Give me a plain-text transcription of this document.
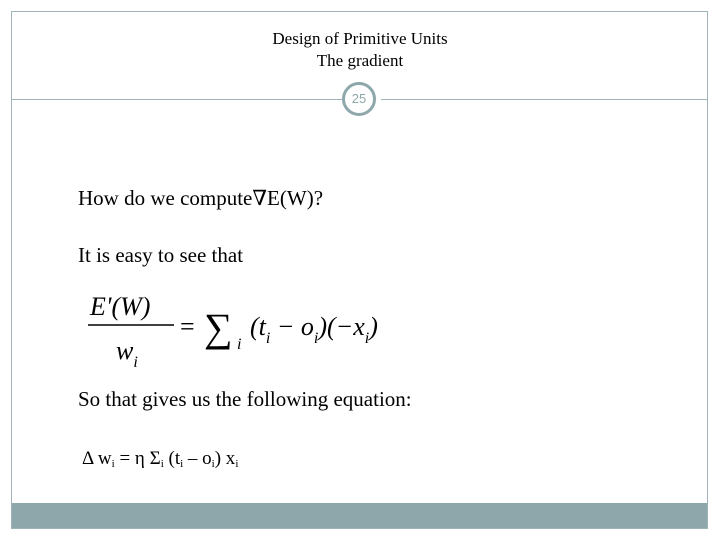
Design of Primitive Units
The gradient
25
How do we compute∇E(W)?
It is easy to see that
E'(W)
$w_i$
= ∑ i
$(t_i - o_i)(-x_i)$
So that gives us the following equation:
Δ $w_i = \eta$ $\Sigma_i$ $(t_i - o_i)$ $x_i$
